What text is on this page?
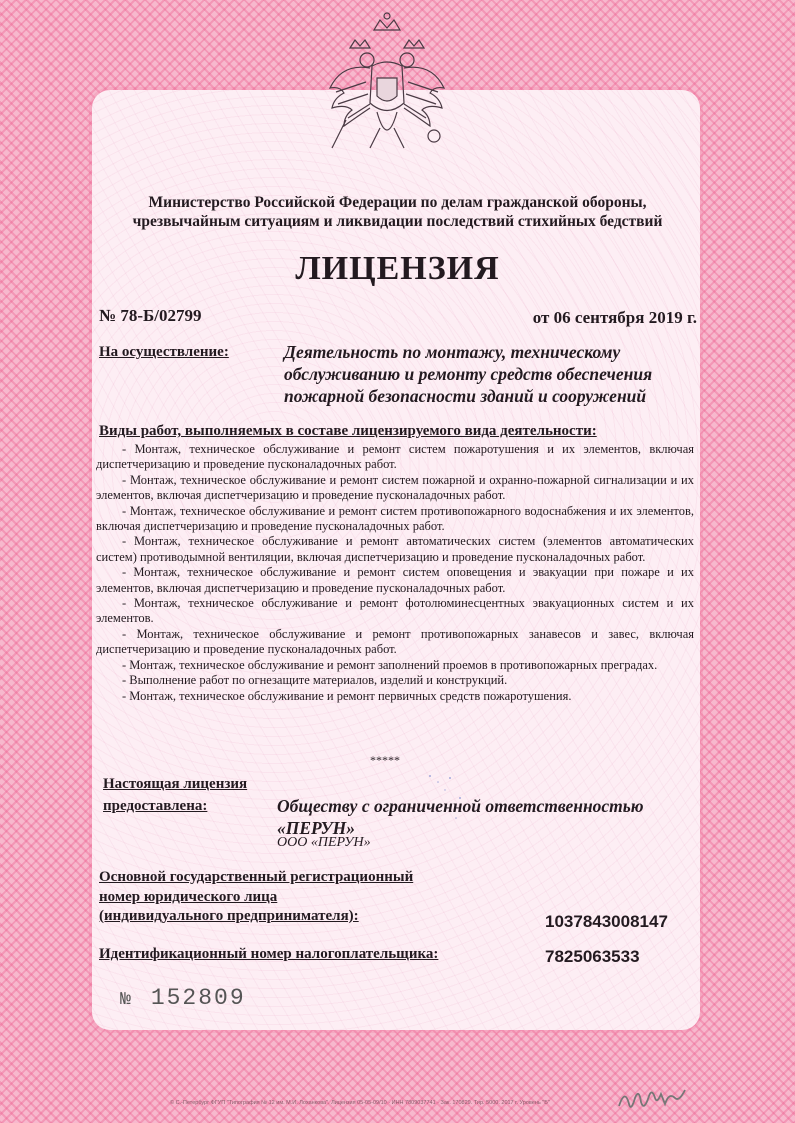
Министерство Российской Федерации по делам гражданской обороны,
чрезвычайным ситуациям и ликвидации последствий стихийных бедствий
ЛИЦЕНЗИЯ
№ 78-Б/02799	от 06 сентября 2019 г.
На осуществление:	Деятельность по монтажу, техническому обслуживанию и ремонту средств обеспечения пожарной безопасности зданий и сооружений
Виды работ, выполняемых в составе лицензируемого вида деятельности:

- Монтаж, техническое обслуживание и ремонт систем пожаротушения и их элементов, включая диспетчеризацию и проведение пусконаладочных работ.

- Монтаж, техническое обслуживание и ремонт систем пожарной и охранно-пожарной сигнализации и их элементов, включая диспетчеризацию и проведение пусконаладочных работ.

- Монтаж, техническое обслуживание и ремонт систем противопожарного водоснабжения и их элементов, включая диспетчеризацию и проведение пусконаладочных работ.

- Монтаж, техническое обслуживание и ремонт автоматических систем (элементов автоматических систем) противодымной вентиляции, включая диспетчеризацию и проведение пусконаладочных работ.

- Монтаж, техническое обслуживание и ремонт систем оповещения и эвакуации при пожаре и их элементов, включая диспетчеризацию и проведение пусконаладочных работ.

- Монтаж, техническое обслуживание и ремонт фотолюминесцентных эвакуационных систем и их элементов.

- Монтаж, техническое обслуживание и ремонт противопожарных занавесов и завес, включая диспетчеризацию и проведение пусконаладочных работ.

- Монтаж, техническое обслуживание и ремонт заполнений проемов в противопожарных преградах.

- Выполнение работ по огнезащите материалов, изделий и конструкций.

- Монтаж, техническое обслуживание и ремонт первичных средств пожаротушения.

*****
Настоящая лицензия
предоставлена:	Обществу с ограниченной ответственностью «ПЕРУН»
ООО «ПЕРУН»
Основной государственный регистрационный
номер юридического лица
(индивидуального предпринимателя):	1037843008147
Идентификационный номер налогоплательщика:	7825063533
№ 152809
© С.-Петербург ФГУП "Типография № 12 им. М.И. Лоханкова". Лицензия 05-05-09/10 · ИНН 7809037741 · Зак. 170829. Тир. 5000. 2017 г. Уровень "Б"
